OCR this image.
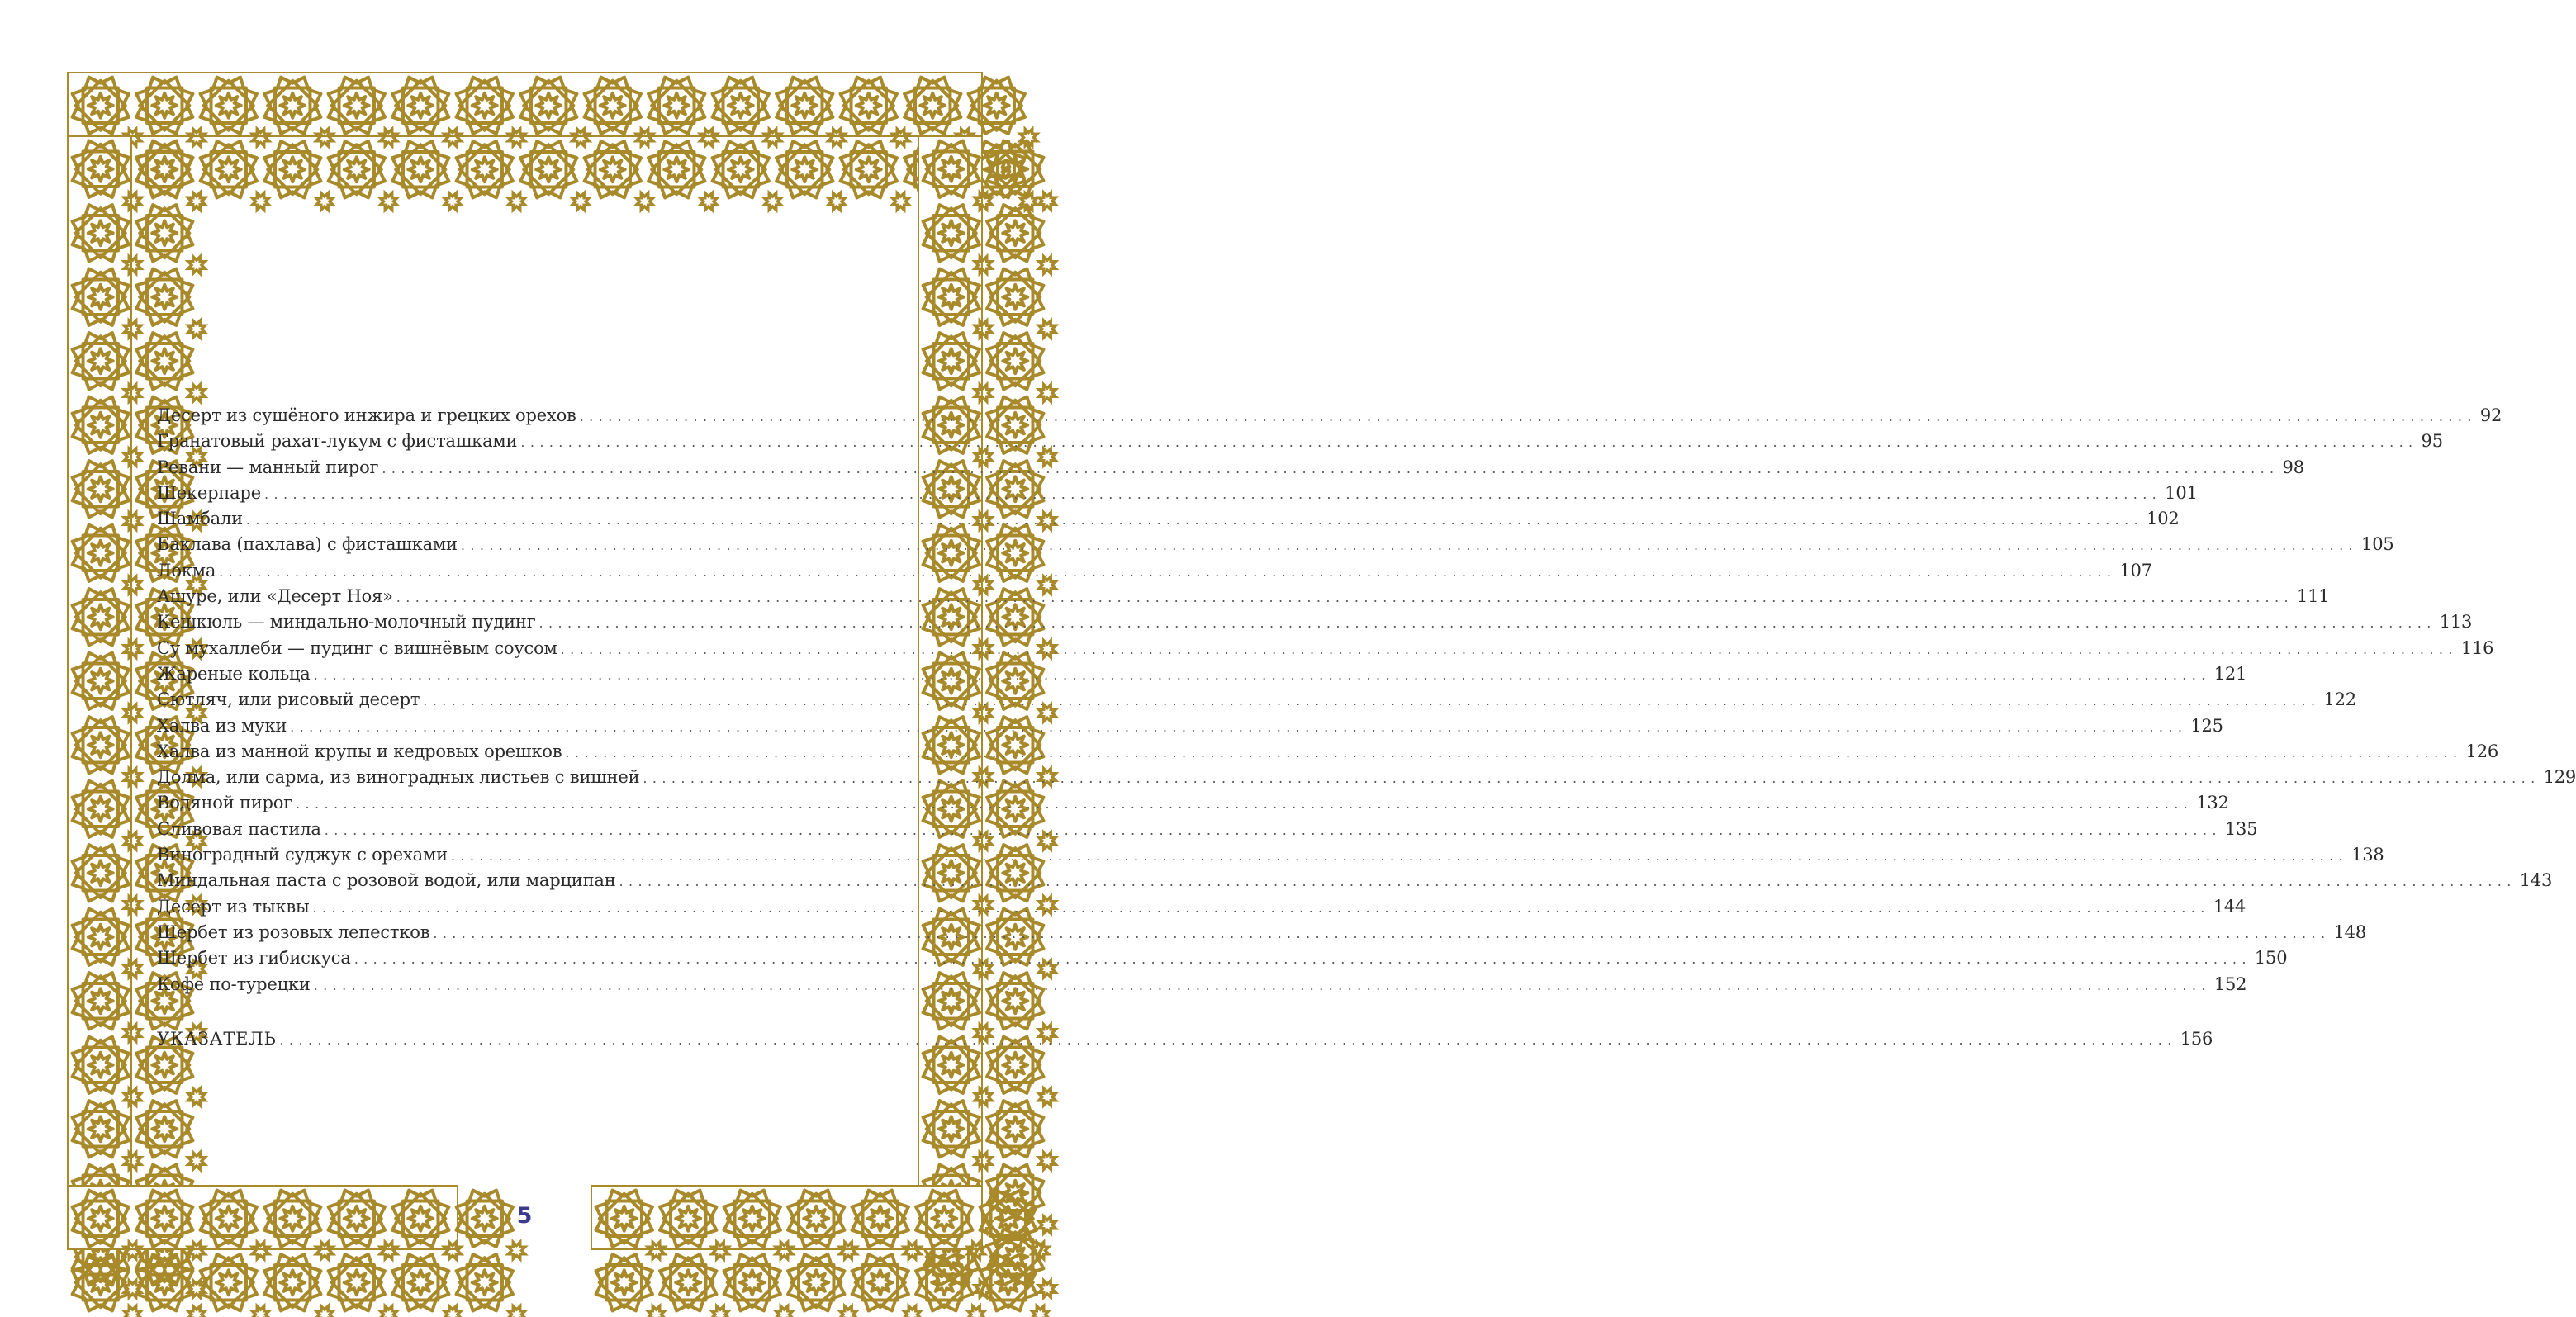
Десерт из сушёного инжира и грецких орехов ........................................................................................................................................................................................................ 92
Гранатовый рахат-лукум с фисташками ........................................................................................................................................................................................................ 95
Ревани — манный пирог ........................................................................................................................................................................................................ 98
Шекерпаре ........................................................................................................................................................................................................ 101
Шамбали ........................................................................................................................................................................................................ 102
Баклава (пахлава) с фисташками ........................................................................................................................................................................................................ 105
Локма ........................................................................................................................................................................................................ 107
Ашуре, или «Десерт Ноя» ........................................................................................................................................................................................................ 111
Кешкюль — миндально-молочный пудинг ........................................................................................................................................................................................................ 113
Су мухаллеби — пудинг с вишнёвым соусом ........................................................................................................................................................................................................ 116
Жареные кольца ........................................................................................................................................................................................................ 121
Сютляч, или рисовый десерт ........................................................................................................................................................................................................ 122
Халва из муки ........................................................................................................................................................................................................ 125
Халва из манной крупы и кедровых орешков ........................................................................................................................................................................................................ 126
Долма, или сарма, из виноградных листьев с вишней ........................................................................................................................................................................................................ 129
Водяной пирог ........................................................................................................................................................................................................ 132
Сливовая пастила ........................................................................................................................................................................................................ 135
Виноградный суджук с орехами ........................................................................................................................................................................................................ 138
Миндальная паста с розовой водой, или марципан ........................................................................................................................................................................................................ 143
Десерт из тыквы ........................................................................................................................................................................................................ 144
Шербет из розовых лепестков ........................................................................................................................................................................................................ 148
Шербет из гибискуса ........................................................................................................................................................................................................ 150
Кофе по-турецки ........................................................................................................................................................................................................ 152
УКАЗАТЕЛЬ ........................................................................................................................................................................................................ 156
5
